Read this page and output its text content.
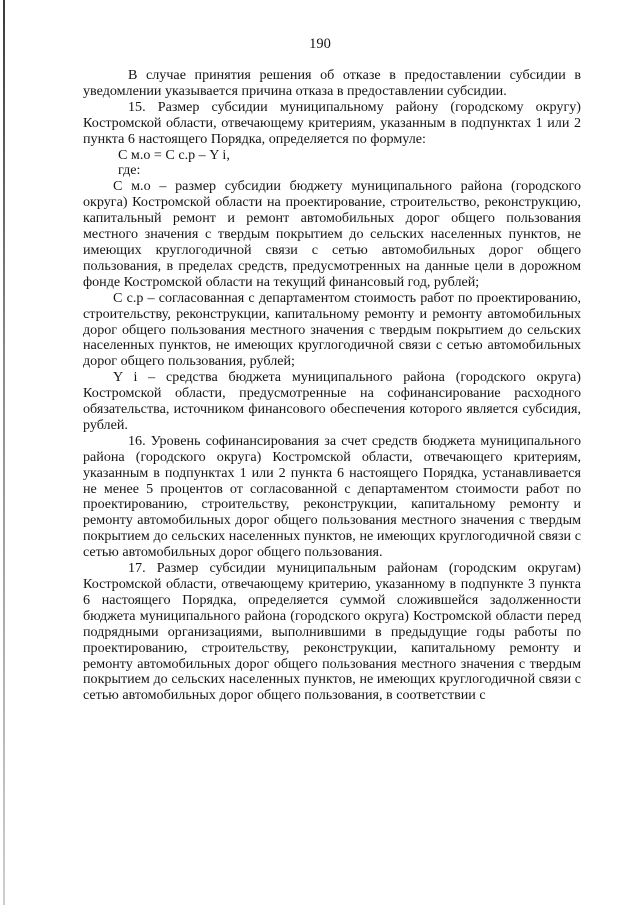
190

В случае принятия решения об отказе в предоставлении субсидии в уведомлении указывается причина отказа в предоставлении субсидии.

15. Размер субсидии муниципальному району (городскому округу) Костромской области, отвечающему критериям, указанным в подпунктах 1 или 2 пункта 6 настоящего Порядка, определяется по формуле:

С м.о = С с.р – Y i,

где:

С м.о – размер субсидии бюджету муниципального района (городского округа) Костромской области на проектирование, строительство, реконструкцию, капитальный ремонт и ремонт автомобильных дорог общего пользования местного значения с твердым покрытием до сельских населенных пунктов, не имеющих круглогодичной связи с сетью автомобильных дорог общего пользования, в пределах средств, предусмотренных на данные цели в дорожном фонде Костромской области на текущий финансовый год, рублей;

С с.р – согласованная с департаментом стоимость работ по проектированию, строительству, реконструкции, капитальному ремонту и ремонту автомобильных дорог общего пользования местного значения с твердым покрытием до сельских населенных пунктов, не имеющих круглогодичной связи с сетью автомобильных дорог общего пользования, рублей;

Y i – средства бюджета муниципального района (городского округа) Костромской области, предусмотренные на софинансирование расходного обязательства, источником финансового обеспечения которого является субсидия, рублей.

16. Уровень софинансирования за счет средств бюджета муниципального района (городского округа) Костромской области, отвечающего критериям, указанным в подпунктах 1 или 2 пункта 6 настоящего Порядка, устанавливается не менее 5 процентов от согласованной с департаментом стоимости работ по проектированию, строительству, реконструкции, капитальному ремонту и ремонту автомобильных дорог общего пользования местного значения с твердым покрытием до сельских населенных пунктов, не имеющих круглогодичной связи с сетью автомобильных дорог общего пользования.

17. Размер субсидии муниципальным районам (городским округам) Костромской области, отвечающему критерию, указанному в подпункте 3 пункта 6 настоящего Порядка, определяется суммой сложившейся задолженности бюджета муниципального района (городского округа) Костромской области перед подрядными организациями, выполнившими в предыдущие годы работы по проектированию, строительству, реконструкции, капитальному ремонту и ремонту автомобильных дорог общего пользования местного значения с твердым покрытием до сельских населенных пунктов, не имеющих круглогодичной связи с сетью автомобильных дорог общего пользования, в соответствии с
